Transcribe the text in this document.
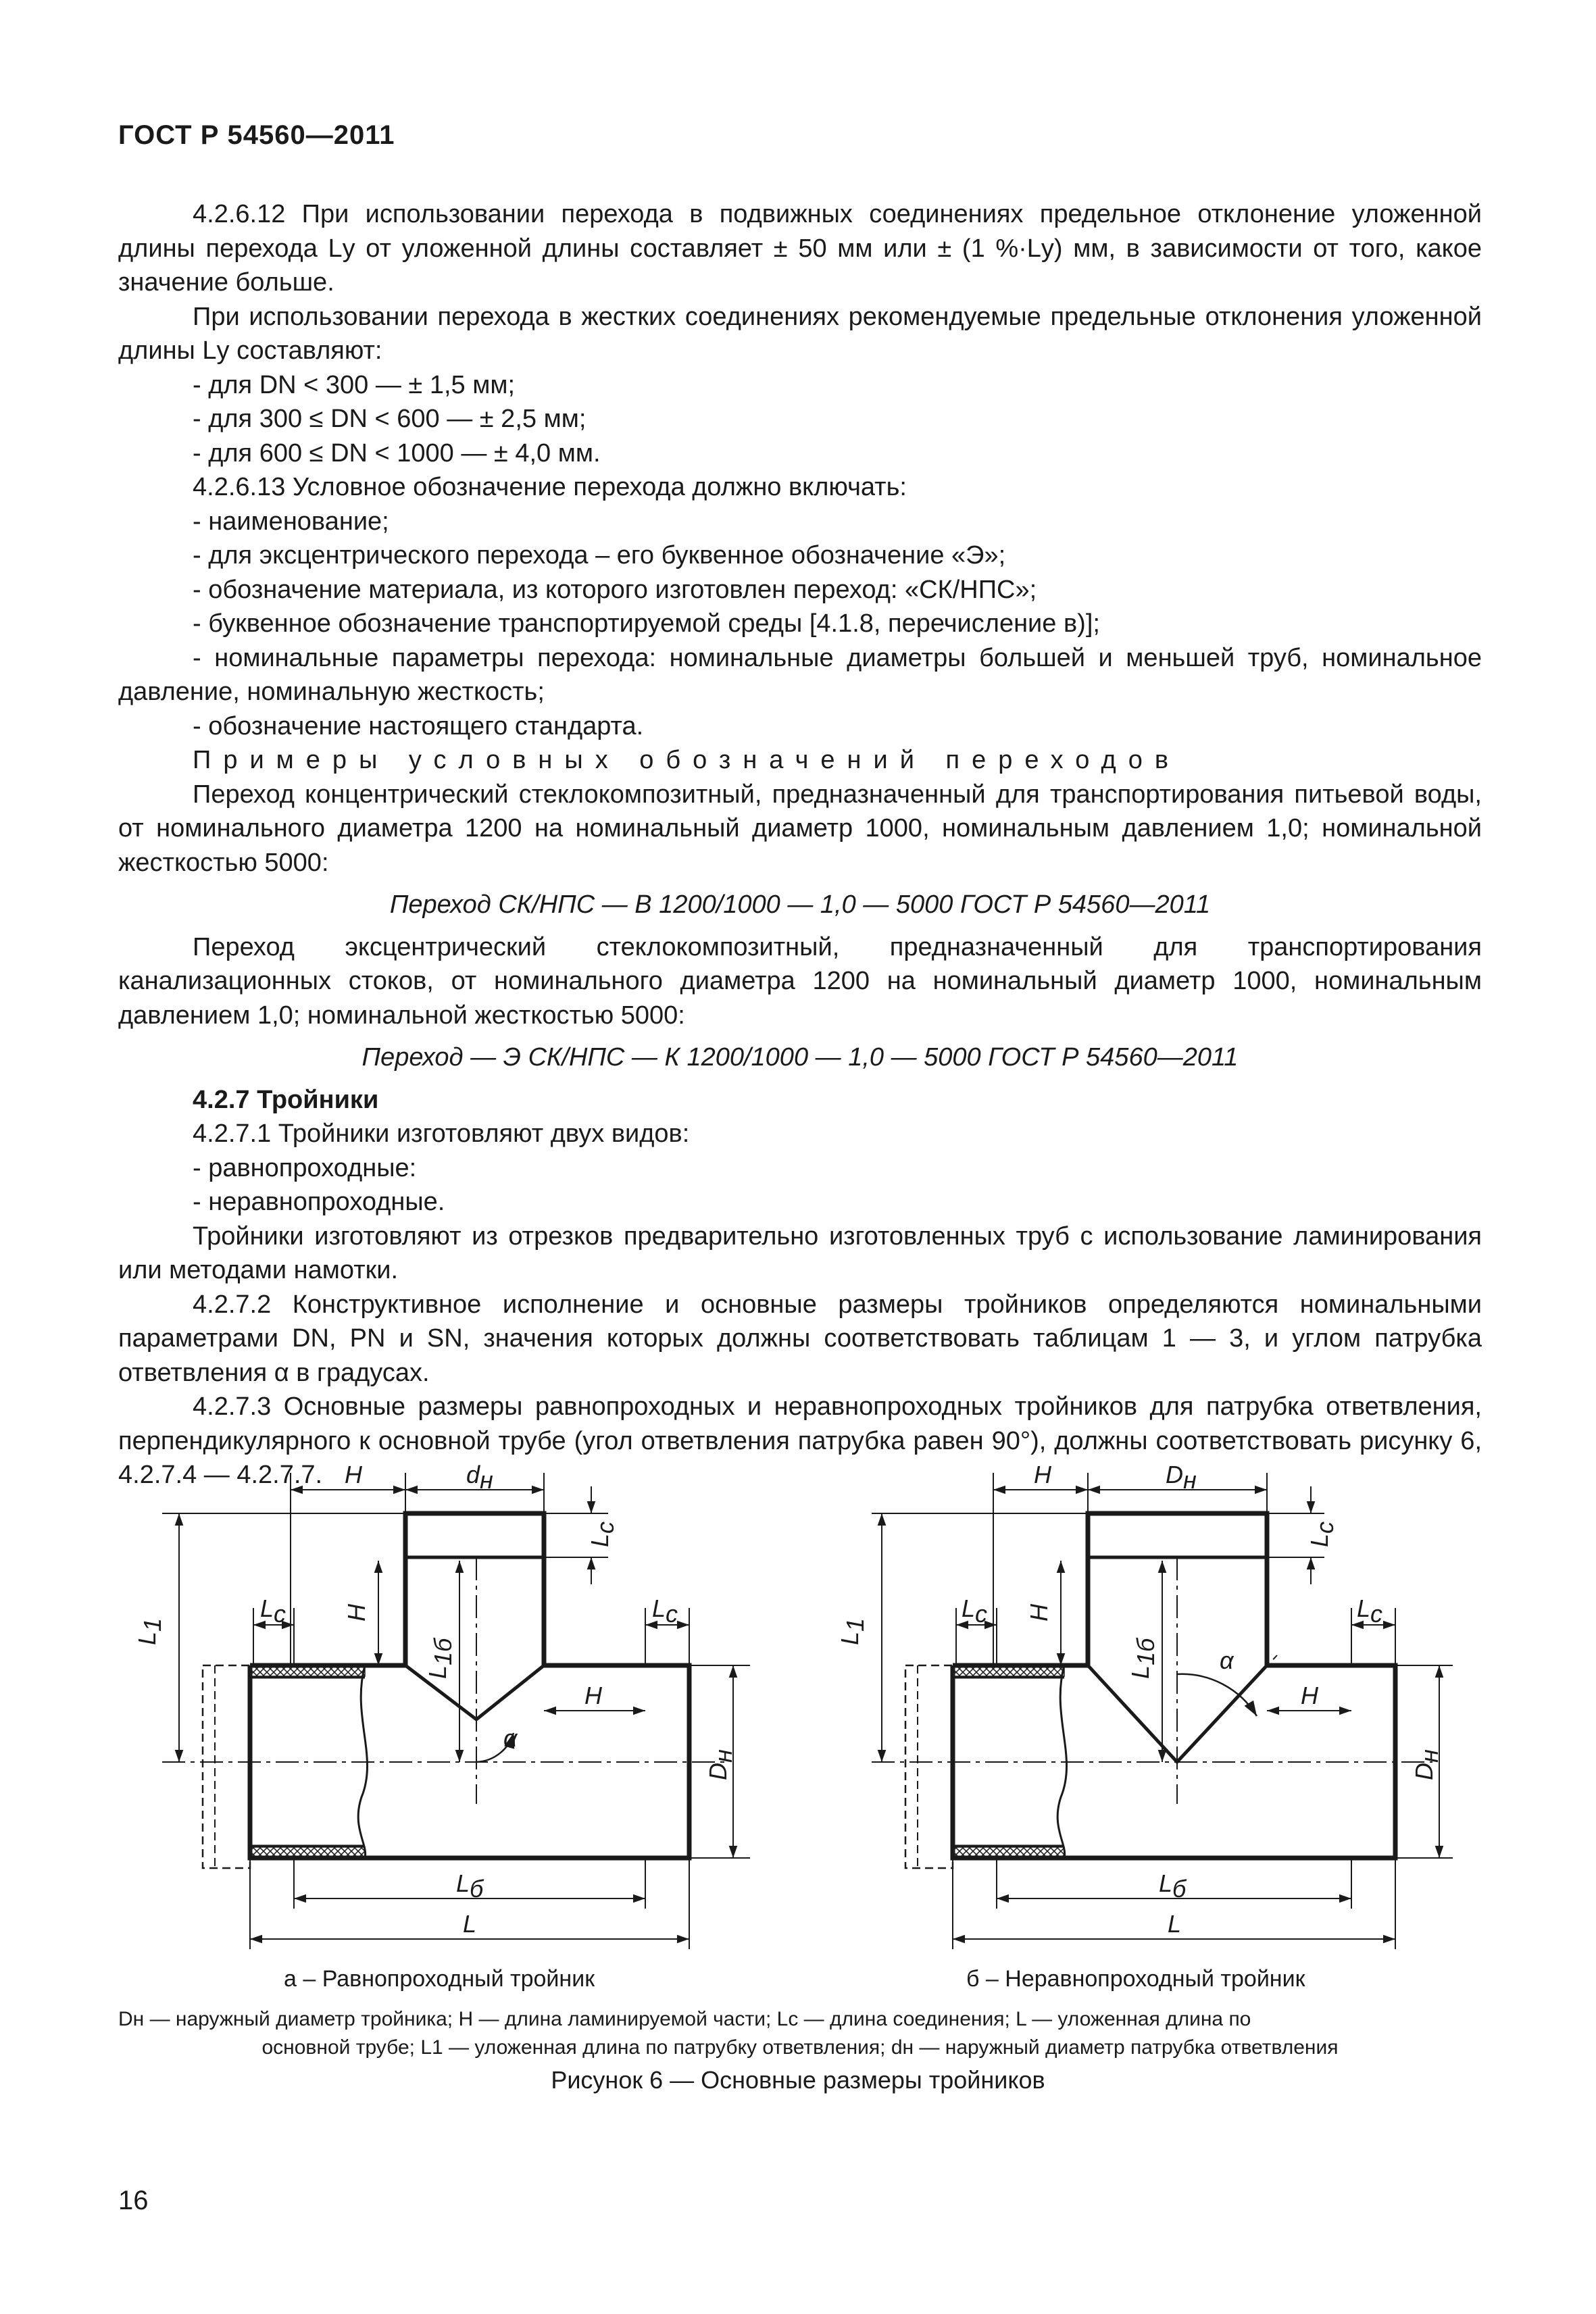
ГОСТ Р 54560—2011

4.2.6.12 При использовании перехода в подвижных соединениях предельное отклонение уложенной длины перехода Lу от уложенной длины составляет ± 50 мм или ± (1 %·Lу) мм, в зависимости от того, какое значение больше.

При использовании перехода в жестких соединениях рекомендуемые предельные отклонения уложенной длины Lу составляют:

- для DN < 300 — ± 1,5 мм;

- для 300 ≤ DN < 600 — ± 2,5 мм;

- для 600 ≤ DN < 1000 — ± 4,0 мм.

4.2.6.13 Условное обозначение перехода должно включать:

- наименование;

- для эксцентрического перехода – его буквенное обозначение «Э»;

- обозначение материала, из которого изготовлен переход: «СК/НПС»;

- буквенное обозначение транспортируемой среды [4.1.8, перечисление в)];

- номинальные параметры перехода: номинальные диаметры большей и меньшей труб, номинальное давление, номинальную жесткость;

- обозначение настоящего стандарта.

Примеры условных обозначений переходов

Переход концентрический стеклокомпозитный, предназначенный для транспортирования питьевой воды, от номинального диаметра 1200 на номинальный диаметр 1000, номинальным давлением 1,0; номинальной жесткостью 5000:

Переход СК/НПС — В 1200/1000 — 1,0 — 5000 ГОСТ Р 54560—2011

Переход эксцентрический стеклокомпозитный, предназначенный для транспортирования канализационных стоков, от номинального диаметра 1200 на номинальный диаметр 1000, номинальным давлением 1,0; номинальной жесткостью 5000:

Переход — Э СК/НПС — К 1200/1000 — 1,0 — 5000 ГОСТ Р 54560—2011

4.2.7 Тройники

4.2.7.1 Тройники изготовляют двух видов:

- равнопроходные:

- неравнопроходные.

Тройники изготовляют из отрезков предварительно изготовленных труб с использование ламинирования или методами намотки.

4.2.7.2 Конструктивное исполнение и основные размеры тройников определяются номинальными параметрами DN, PN и SN, значения которых должны соответствовать таблицам 1 — 3, и углом патрубка ответвления α в градусах.

4.2.7.3 Основные размеры равнопроходных и неравнопроходных тройников для патрубка ответвления, перпендикулярного к основной трубе (угол ответвления патрубка равен 90°), должны соответствовать рисунку 6, 4.2.7.4 — 4.2.7.7. H	dн
L1
H
L1б
Lс
Lс	Lс
H
α
Dн
Lб
L
H	Dн
L1
H
L1б
Lс
Lс	Lс
H
α
Dн
Lб
L
а – Равнопроходный тройник	б – Неравнопроходный тройник
Dн — наружный диаметр тройника; H — длина ламинируемой части; Lс — длина соединения; L — уложенная длина по
основной трубе; L1 — уложенная длина по патрубку ответвления; dн — наружный диаметр патрубка ответвления
Рисунок 6 — Основные размеры тройников
16
